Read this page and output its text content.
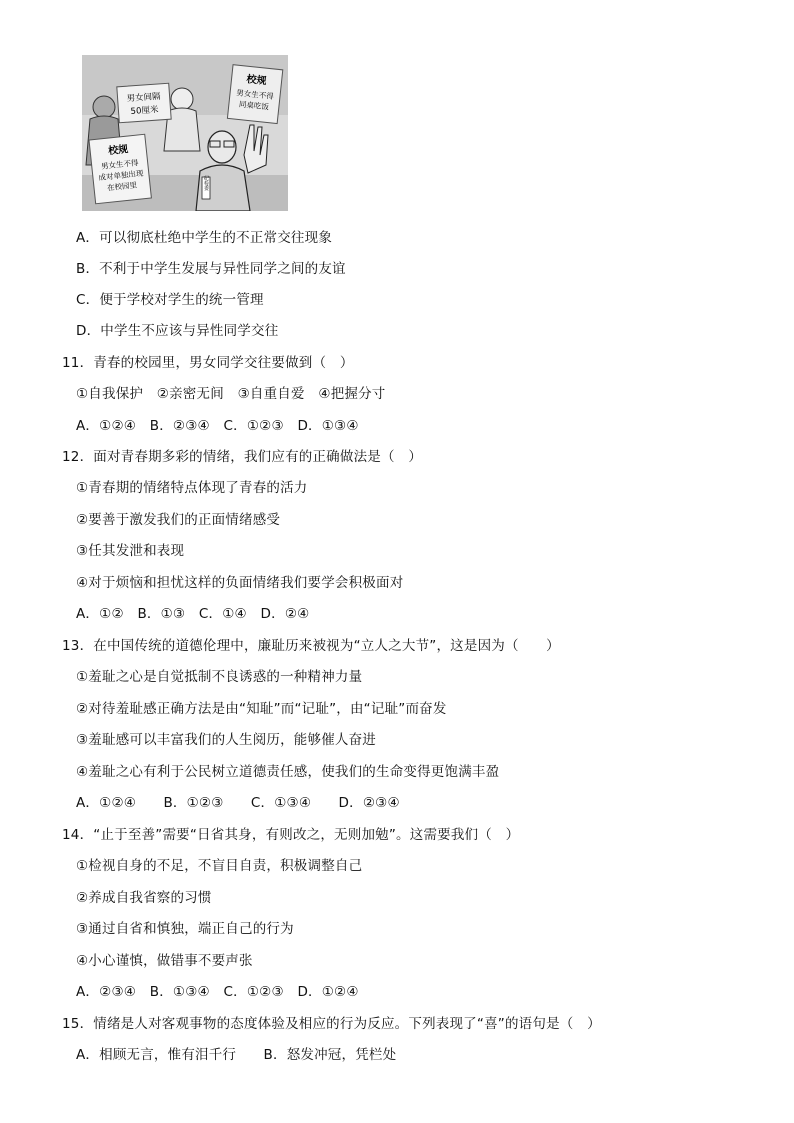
男女间隔
50厘米
校规
男女生不得
同桌吃饭
校规
男女生不得
成对单独出现
在校园里	纪检委
A．可以彻底杜绝中学生的不正常交往现象
B．不利于中学生发展与异性同学之间的友谊
C．便于学校对学生的统一管理
D．中学生不应该与异性同学交往
11．青春的校园里，男女同学交往要做到（　）
①自我保护　②亲密无间　③自重自爱　④把握分寸
A．①②④　B．②③④　C．①②③　D．①③④
12．面对青春期多彩的情绪，我们应有的正确做法是（　）
①青春期的情绪特点体现了青春的活力
②要善于激发我们的正面情绪感受
③任其发泄和表现
④对于烦恼和担忧这样的负面情绪我们要学会积极面对
A．①②　B．①③　C．①④　D．②④
13．在中国传统的道德伦理中，廉耻历来被视为“立人之大节”，这是因为（　　）
①羞耻之心是自觉抵制不良诱惑的一种精神力量
②对待羞耻感正确方法是由“知耻”而“记耻”，由“记耻”而奋发
③羞耻感可以丰富我们的人生阅历，能够催人奋进
④羞耻之心有利于公民树立道德责任感，使我们的生命变得更饱满丰盈
A．①②④　　B．①②③　　C．①③④　　D．②③④
14．“止于至善”需要“日省其身，有则改之，无则加勉”。这需要我们（　）
①检视自身的不足，不盲目自责，积极调整自己
②养成自我省察的习惯
③通过自省和慎独，端正自己的行为
④小心谨慎，做错事不要声张
A．②③④　B．①③④　C．①②③　D．①②④
15．情绪是人对客观事物的态度体验及相应的行为反应。下列表现了“喜”的语句是（　）
A．相顾无言，惟有泪千行　　B．怒发冲冠，凭栏处
